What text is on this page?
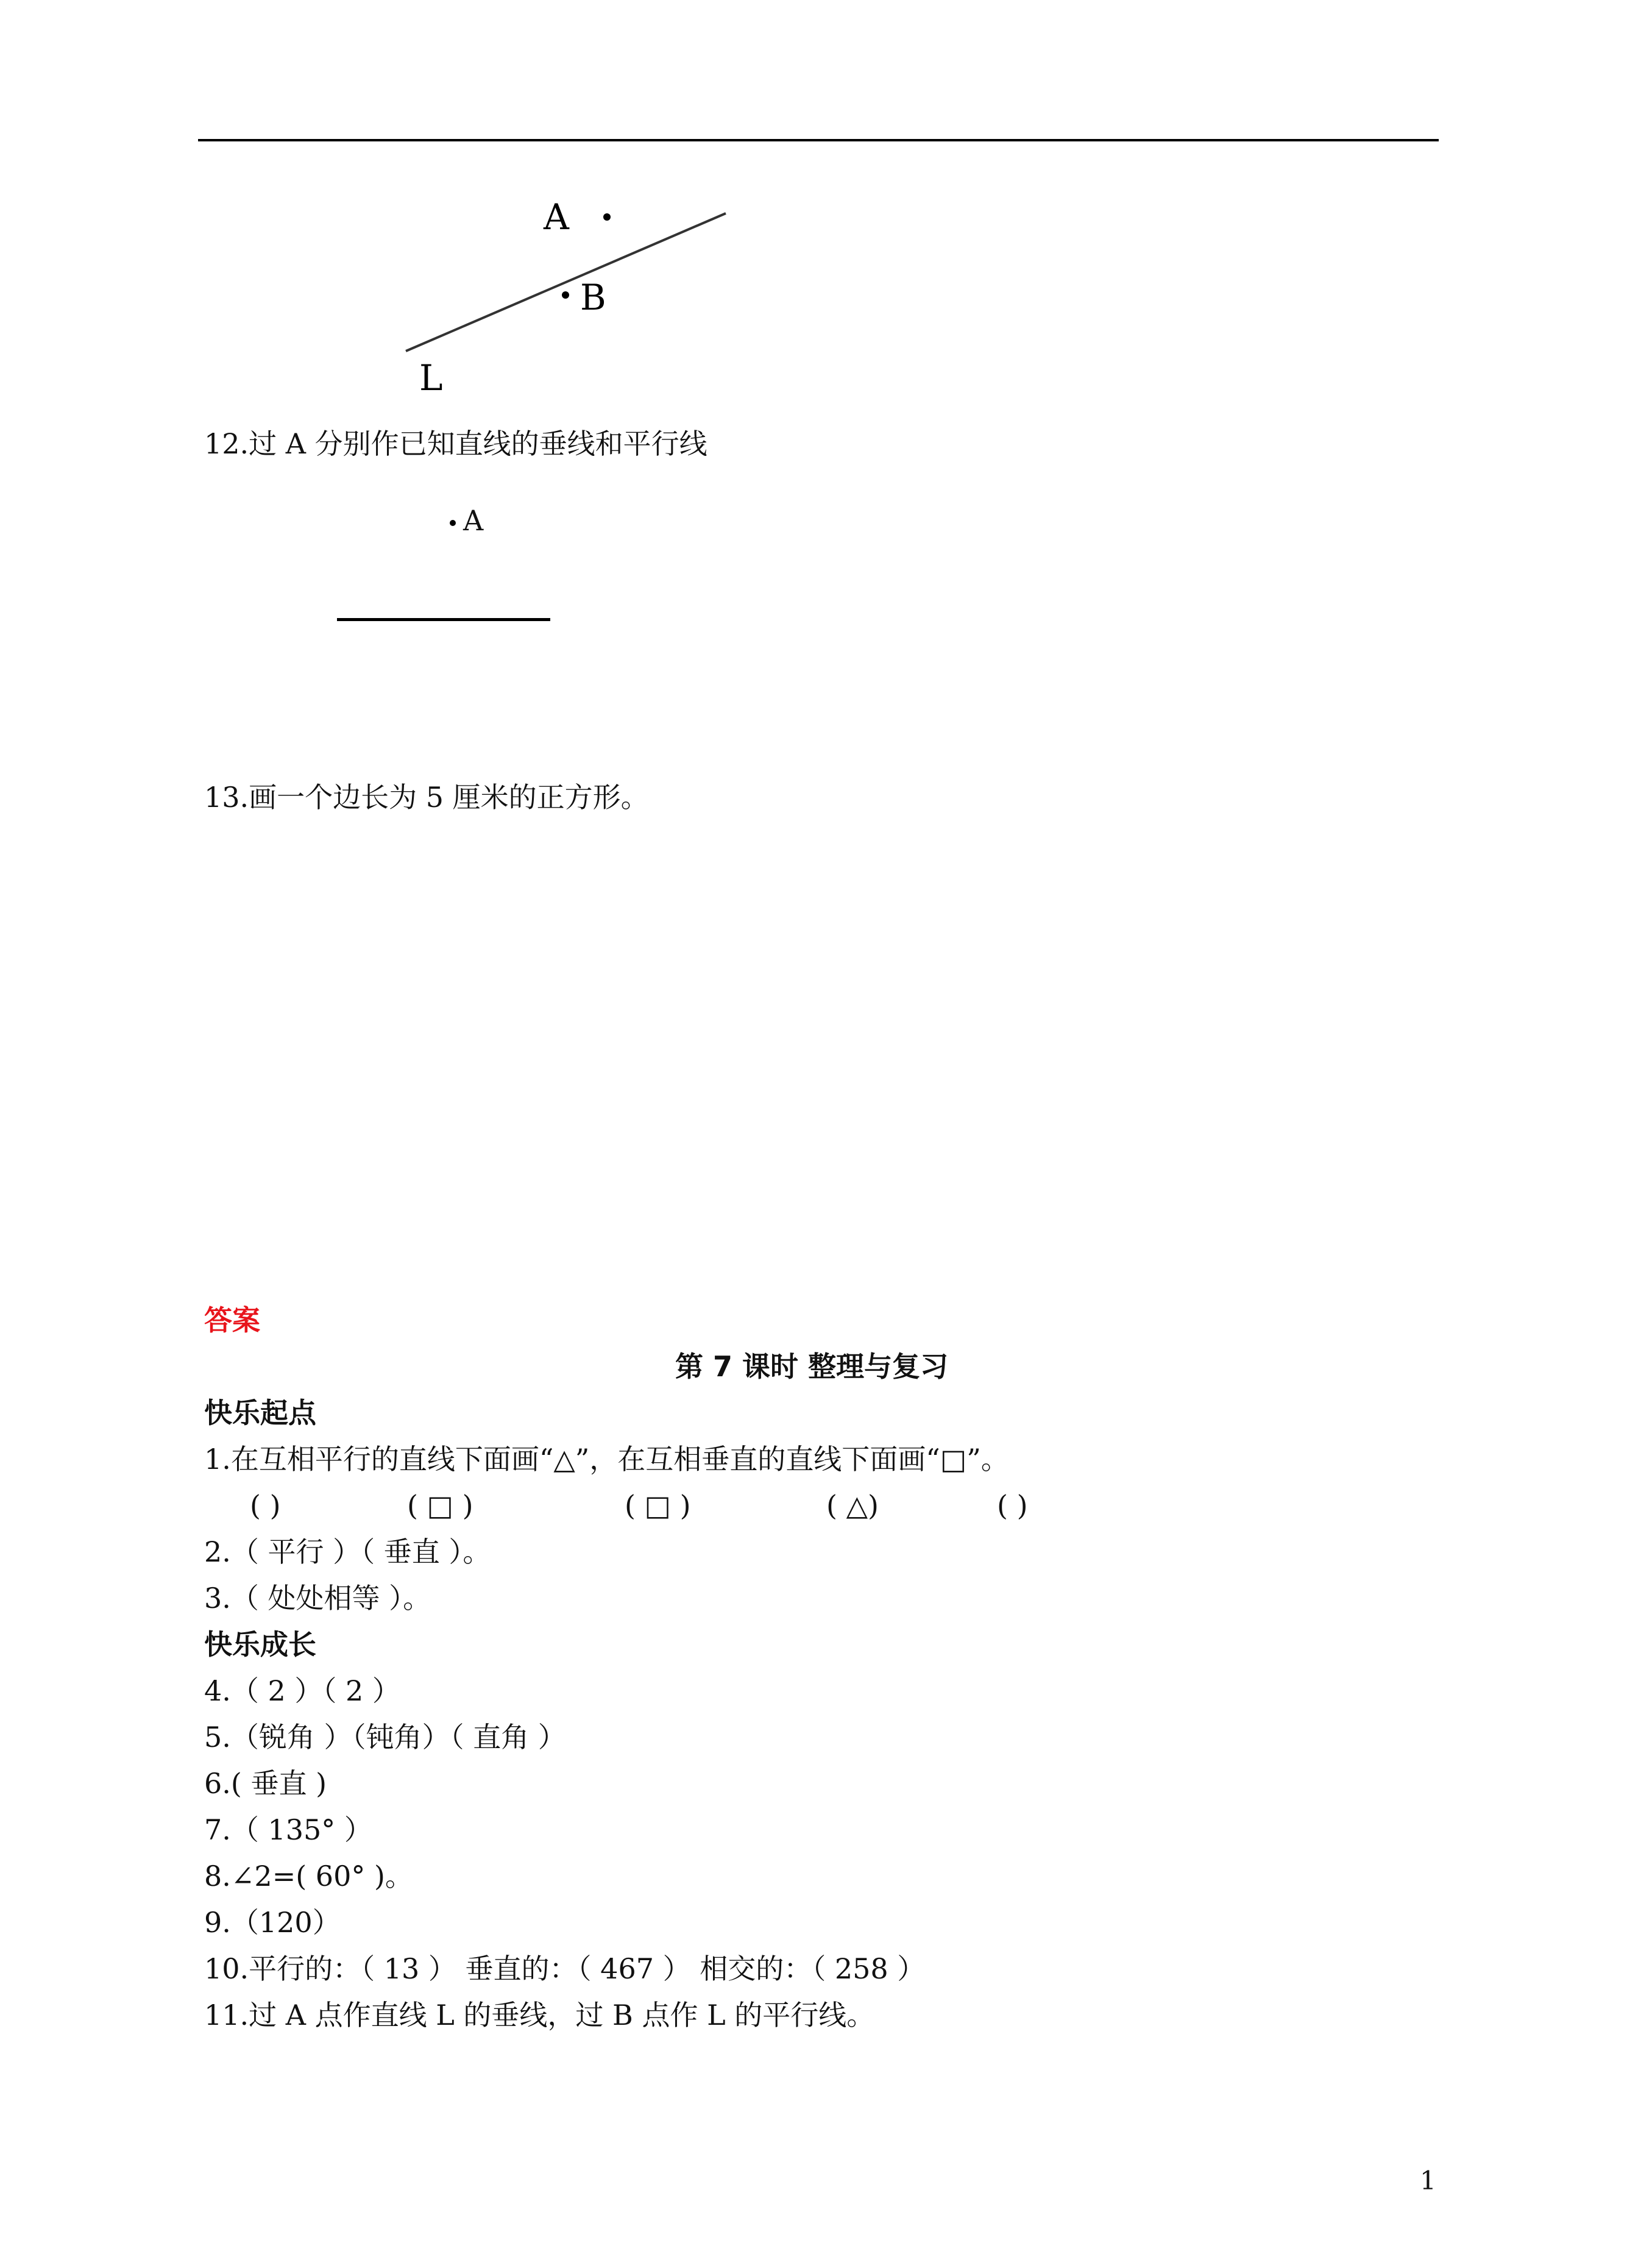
A
B
L
12.过 A 分别作已知直线的垂线和平行线
A
13.画一个边长为 5 厘米的正方形。
答案
第 7 课时 整理与复习
快乐起点
1.在互相平行的直线下面画“△”，在互相垂直的直线下面画“□”。
( )	( □ )	( □ )	( △)	( )
2.（ 平行 ）（ 垂直 ）。
3.（ 处处相等 ）。
快乐成长
4.（ 2 ）（ 2 ）
5.（锐角 ）（钝角）（ 直角 ）
6.( 垂直 )
7.（ 135° ）
8.∠2=( 60° )。
9.（120）
10.平行的：（ 13 ） 垂直的：（ 467 ） 相交的：（ 258 ）
11.过 A 点作直线 L 的垂线，过 B 点作 L 的平行线。
1
